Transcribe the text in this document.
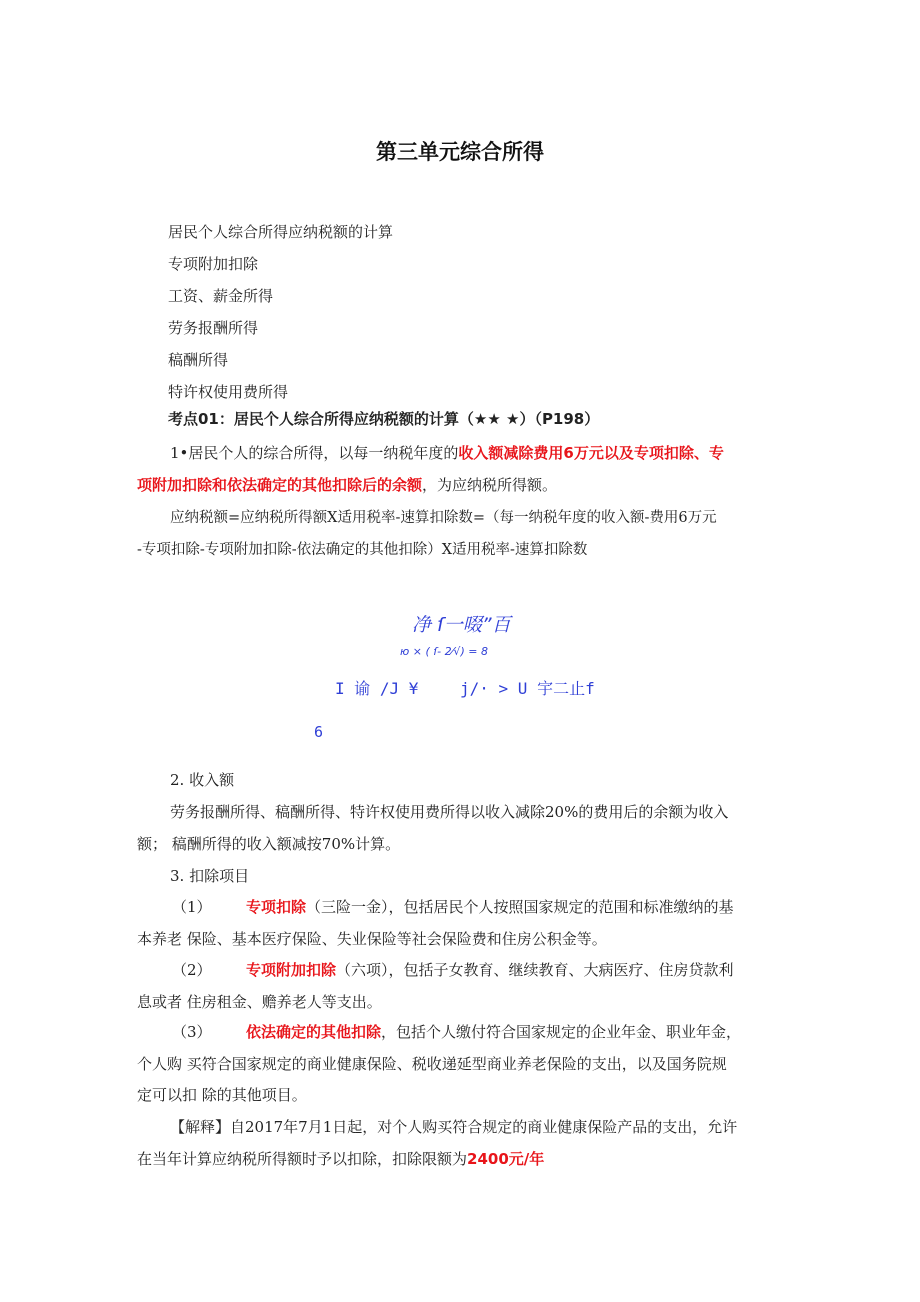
第三单元综合所得
居民个人综合所得应纳税额的计算
专项附加扣除
工资、薪金所得
劳务报酬所得
稿酬所得
特许权使用费所得
考点01：居民个人综合所得应纳税额的计算（★★ ★）（P198）
1•居民个人的综合所得，以每一纳税年度的收入额减除费用6万元以及专项扣除、专
项附加扣除和依法确定的其他扣除后的余额，为应纳税所得额。
应纳税额=应纳税所得额X适用税率-速算扣除数=（每一纳税年度的收入额-费用6万元
-专项扣除-专项附加扣除-依法确定的其他扣除）X适用税率-速算扣除数
净 ſ一啜”百
ю × ( ſ- 2⁄√) = 8
I 谕 /J ¥	j/· > U 宇二止f
6
2. 收入额
劳务报酬所得、稿酬所得、特许权使用费所得以收入减除20%的费用后的余额为收入
额； 稿酬所得的收入额减按70%计算。
3. 扣除项目
（1） 专项扣除（三险一金），包括居民个人按照国家规定的范围和标准缴纳的基
本养老 保险、基本医疗保险、失业保险等社会保险费和住房公积金等。
（2） 专项附加扣除（六项），包括子女教育、继续教育、大病医疗、住房贷款利
息或者 住房租金、赡养老人等支出。
（3） 依法确定的其他扣除，包括个人缴付符合国家规定的企业年金、职业年金，
个人购 买符合国家规定的商业健康保险、税收递延型商业养老保险的支出，以及国务院规
定可以扣 除的其他项目。
【解释】自2017年7月1日起，对个人购买符合规定的商业健康保险产品的支出，允许
在当年计算应纳税所得额时予以扣除，扣除限额为2400元/年
